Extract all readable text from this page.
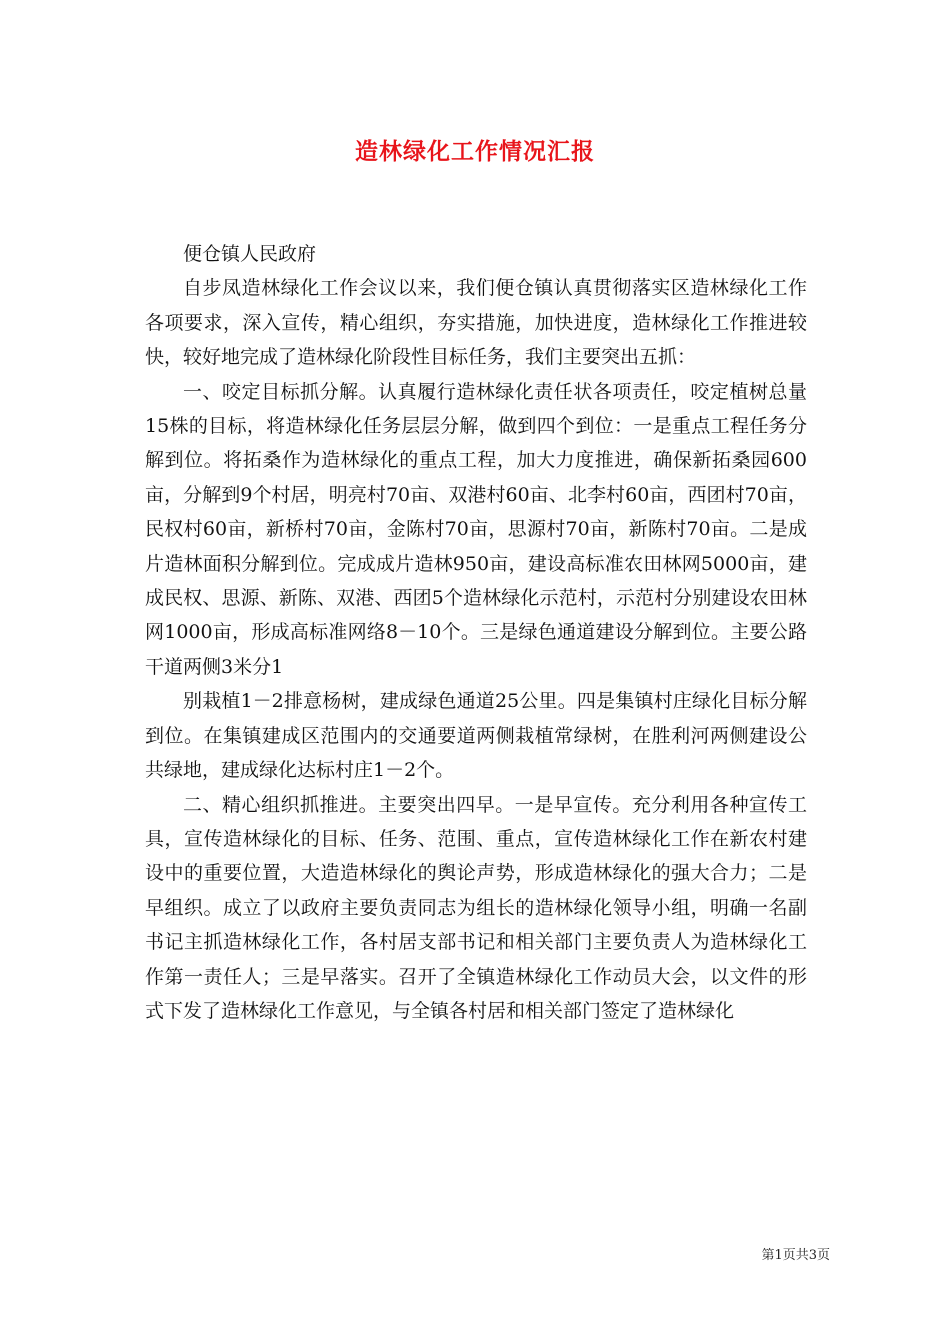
造林绿化工作情况汇报

便仓镇人民政府

自步凤造林绿化工作会议以来，我们便仓镇认真贯彻落实区造林绿化工作各项要求，深入宣传，精心组织，夯实措施，加快进度，造林绿化工作推进较快，较好地完成了造林绿化阶段性目标任务，我们主要突出五抓：

一、咬定目标抓分解。认真履行造林绿化责任状各项责任，咬定植树总量15株的目标，将造林绿化任务层层分解，做到四个到位：一是重点工程任务分解到位。将拓桑作为造林绿化的重点工程，加大力度推进，确保新拓桑园600亩，分解到9个村居，明亮村70亩、双港村60亩、北李村60亩，西团村70亩，民权村60亩，新桥村70亩，金陈村70亩，思源村70亩，新陈村70亩。二是成片造林面积分解到位。完成成片造林950亩，建设高标准农田林网5000亩，建成民权、思源、新陈、双港、西团5个造林绿化示范村，示范村分别建设农田林网1000亩，形成高标准网络8－10个。三是绿色通道建设分解到位。主要公路干道两侧3米分1

别栽植1－2排意杨树，建成绿色通道25公里。四是集镇村庄绿化目标分解到位。在集镇建成区范围内的交通要道两侧栽植常绿树，在胜利河两侧建设公共绿地，建成绿化达标村庄1－2个。

二、精心组织抓推进。主要突出四早。一是早宣传。充分利用各种宣传工具，宣传造林绿化的目标、任务、范围、重点，宣传造林绿化工作在新农村建设中的重要位置，大造造林绿化的舆论声势，形成造林绿化的强大合力；二是早组织。成立了以政府主要负责同志为组长的造林绿化领导小组，明确一名副书记主抓造林绿化工作，各村居支部书记和相关部门主要负责人为造林绿化工作第一责任人；三是早落实。召开了全镇造林绿化工作动员大会，以文件的形式下发了造林绿化工作意见，与全镇各村居和相关部门签定了造林绿化

第1页共3页
